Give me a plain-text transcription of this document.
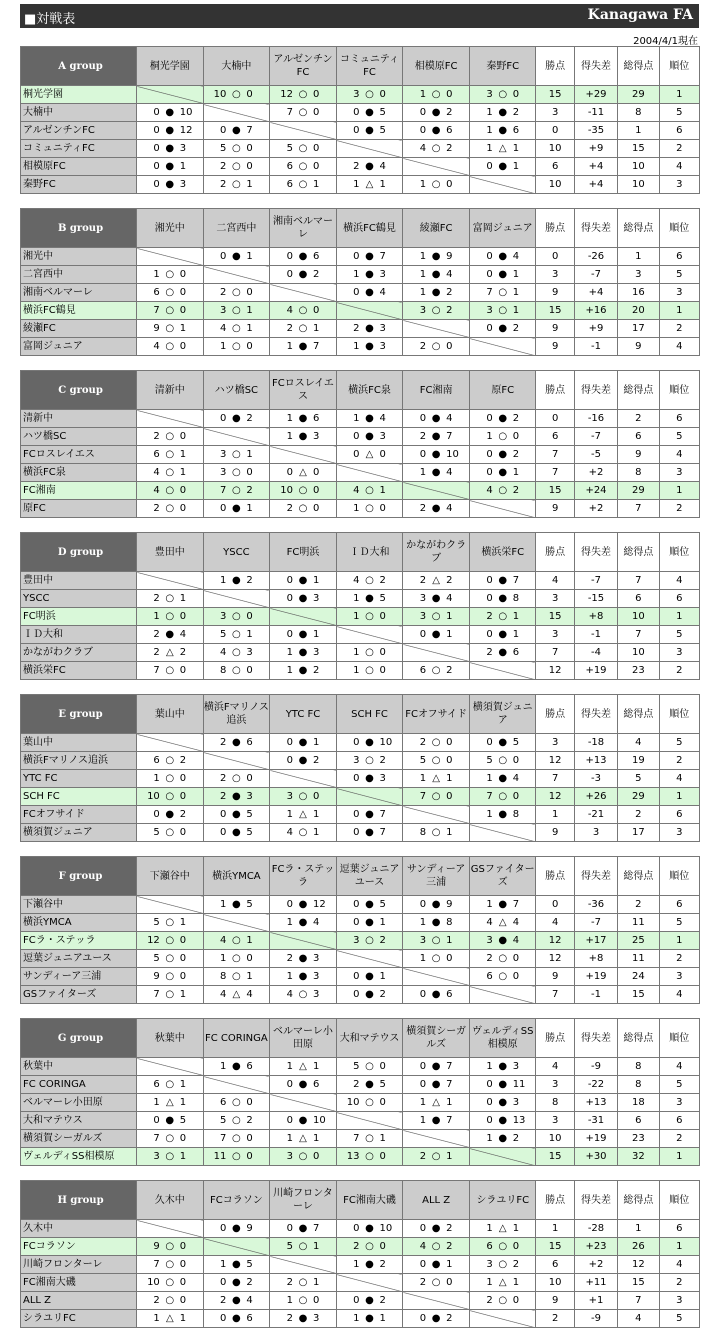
■対戦表	Kanagawa FA
2004/4/1現在
A group	桐光学園	大楠中	アルゼンチンFC	コミュニティFC	相模原FC	秦野FC	勝点	得失差	総得点	順位
桐光学園		10 ○ 0	12 ○ 0	3 ○ 0	1 ○ 0	3 ○ 0	15	+29	29	1
大楠中	0 ● 10		7 ○ 0	0 ● 5	0 ● 2	1 ● 2	3	-11	8	5
アルゼンチンFC	0 ● 12	0 ● 7		0 ● 5	0 ● 6	1 ● 6	0	-35	1	6
コミュニティFC	0 ● 3	5 ○ 0	5 ○ 0		4 ○ 2	1 △ 1	10	+9	15	2
相模原FC	0 ● 1	2 ○ 0	6 ○ 0	2 ● 4		0 ● 1	6	+4	10	4
秦野FC	0 ● 3	2 ○ 1	6 ○ 1	1 △ 1	1 ○ 0		10	+4	10	3
B group	湘光中	二宮西中	湘南ベルマーレ	横浜FC鶴見	綾瀬FC	富岡ジュニア	勝点	得失差	総得点	順位
湘光中		0 ● 1	0 ● 6	0 ● 7	1 ● 9	0 ● 4	0	-26	1	6
二宮西中	1 ○ 0		0 ● 2	1 ● 3	1 ● 4	0 ● 1	3	-7	3	5
湘南ベルマーレ	6 ○ 0	2 ○ 0		0 ● 4	1 ● 2	7 ○ 1	9	+4	16	3
横浜FC鶴見	7 ○ 0	3 ○ 1	4 ○ 0		3 ○ 2	3 ○ 1	15	+16	20	1
綾瀬FC	9 ○ 1	4 ○ 1	2 ○ 1	2 ● 3		0 ● 2	9	+9	17	2
富岡ジュニア	4 ○ 0	1 ○ 0	1 ● 7	1 ● 3	2 ○ 0		9	-1	9	4
C group	清新中	ハツ橋SC	FCロスレイエス	横浜FC泉	FC湘南	原FC	勝点	得失差	総得点	順位
清新中		0 ● 2	1 ● 6	1 ● 4	0 ● 4	0 ● 2	0	-16	2	6
ハツ橋SC	2 ○ 0		1 ● 3	0 ● 3	2 ● 7	1 ○ 0	6	-7	6	5
FCロスレイエス	6 ○ 1	3 ○ 1		0 △ 0	0 ● 10	0 ● 2	7	-5	9	4
横浜FC泉	4 ○ 1	3 ○ 0	0 △ 0		1 ● 4	0 ● 1	7	+2	8	3
FC湘南	4 ○ 0	7 ○ 2	10 ○ 0	4 ○ 1		4 ○ 2	15	+24	29	1
原FC	2 ○ 0	0 ● 1	2 ○ 0	1 ○ 0	2 ● 4		9	+2	7	2
D group	豊田中	YSCC	FC明浜	ＩＤ大和	かながわクラブ	横浜栄FC	勝点	得失差	総得点	順位
豊田中		1 ● 2	0 ● 1	4 ○ 2	2 △ 2	0 ● 7	4	-7	7	4
YSCC	2 ○ 1		0 ● 3	1 ● 5	3 ● 4	0 ● 8	3	-15	6	6
FC明浜	1 ○ 0	3 ○ 0		1 ○ 0	3 ○ 1	2 ○ 1	15	+8	10	1
ＩＤ大和	2 ● 4	5 ○ 1	0 ● 1		0 ● 1	0 ● 1	3	-1	7	5
かながわクラブ	2 △ 2	4 ○ 3	1 ● 3	1 ○ 0		2 ● 6	7	-4	10	3
横浜栄FC	7 ○ 0	8 ○ 0	1 ● 2	1 ○ 0	6 ○ 2		12	+19	23	2
E group	葉山中	横浜Fマリノス追浜	YTC FC	SCH FC	FCオフサイド	横須賀ジュニア	勝点	得失差	総得点	順位
葉山中		2 ● 6	0 ● 1	0 ● 10	2 ○ 0	0 ● 5	3	-18	4	5
横浜Fマリノス追浜	6 ○ 2		0 ● 2	3 ○ 2	5 ○ 0	5 ○ 0	12	+13	19	2
YTC FC	1 ○ 0	2 ○ 0		0 ● 3	1 △ 1	1 ● 4	7	-3	5	4
SCH FC	10 ○ 0	2 ● 3	3 ○ 0		7 ○ 0	7 ○ 0	12	+26	29	1
FCオフサイド	0 ● 2	0 ● 5	1 △ 1	0 ● 7		1 ● 8	1	-21	2	6
横須賀ジュニア	5 ○ 0	0 ● 5	4 ○ 1	0 ● 7	8 ○ 1		9	3	17	3
F group	下瀬谷中	横浜YMCA	FCラ・ステッラ	逗葉ジュニアユース	サンディーア三浦	GSファイターズ	勝点	得失差	総得点	順位
下瀬谷中		1 ● 5	0 ● 12	0 ● 5	0 ● 9	1 ● 7	0	-36	2	6
横浜YMCA	5 ○ 1		1 ● 4	0 ● 1	1 ● 8	4 △ 4	4	-7	11	5
FCラ・ステッラ	12 ○ 0	4 ○ 1		3 ○ 2	3 ○ 1	3 ● 4	12	+17	25	1
逗葉ジュニアユース	5 ○ 0	1 ○ 0	2 ● 3		1 ○ 0	2 ○ 0	12	+8	11	2
サンディーア三浦	9 ○ 0	8 ○ 1	1 ● 3	0 ● 1		6 ○ 0	9	+19	24	3
GSファイターズ	7 ○ 1	4 △ 4	4 ○ 3	0 ● 2	0 ● 6		7	-1	15	4
G group	秋葉中	FC CORINGA	ベルマーレ小田原	大和マテウス	横須賀シーガルズ	ヴェルディSS相模原	勝点	得失差	総得点	順位
秋葉中		1 ● 6	1 △ 1	5 ○ 0	0 ● 7	1 ● 3	4	-9	8	4
FC CORINGA	6 ○ 1		0 ● 6	2 ● 5	0 ● 7	0 ● 11	3	-22	8	5
ベルマーレ小田原	1 △ 1	6 ○ 0		10 ○ 0	1 △ 1	0 ● 3	8	+13	18	3
大和マテウス	0 ● 5	5 ○ 2	0 ● 10		1 ● 7	0 ● 13	3	-31	6	6
横須賀シーガルズ	7 ○ 0	7 ○ 0	1 △ 1	7 ○ 1		1 ● 2	10	+19	23	2
ヴェルディSS相模原	3 ○ 1	11 ○ 0	3 ○ 0	13 ○ 0	2 ○ 1		15	+30	32	1
H group	久木中	FCコラソン	川崎フロンターレ	FC湘南大磯	ALL Z	シラユリFC	勝点	得失差	総得点	順位
久木中		0 ● 9	0 ● 7	0 ● 10	0 ● 2	1 △ 1	1	-28	1	6
FCコラソン	9 ○ 0		5 ○ 1	2 ○ 0	4 ○ 2	6 ○ 0	15	+23	26	1
川崎フロンターレ	7 ○ 0	1 ● 5		1 ● 2	0 ● 1	3 ○ 2	6	+2	12	4
FC湘南大磯	10 ○ 0	0 ● 2	2 ○ 1		2 ○ 0	1 △ 1	10	+11	15	2
ALL Z	2 ○ 0	2 ● 4	1 ○ 0	0 ● 2		2 ○ 0	9	+1	7	3
シラユリFC	1 △ 1	0 ● 6	2 ● 3	1 ● 1	0 ● 2		2	-9	4	5
